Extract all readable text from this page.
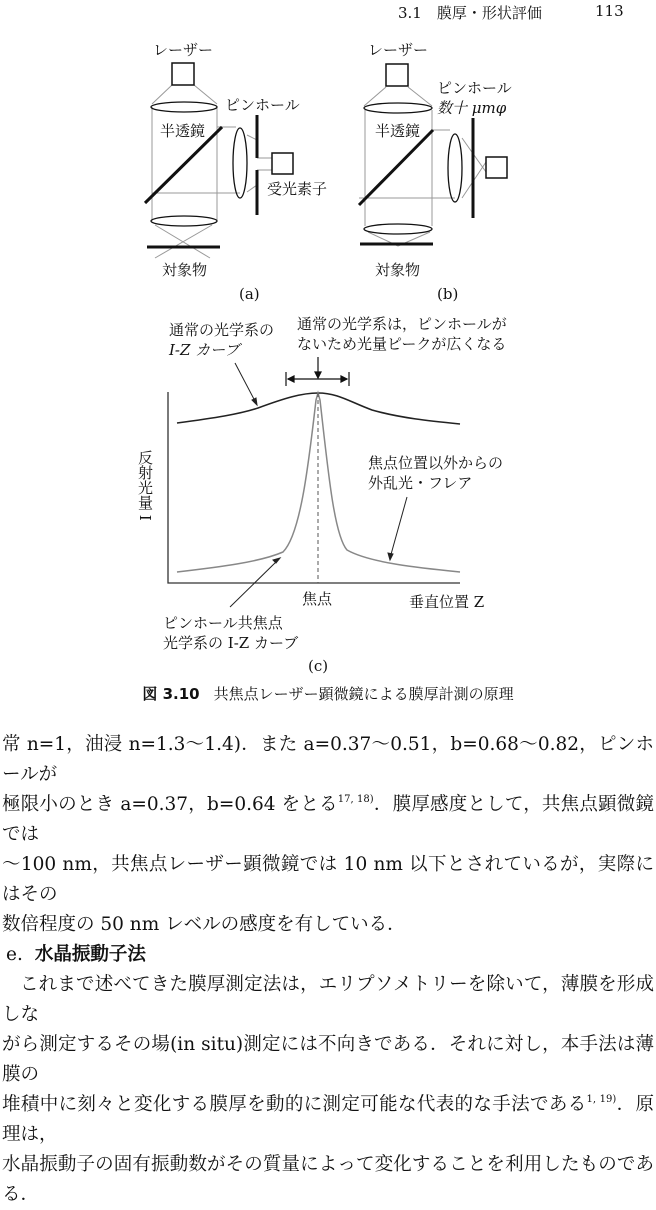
3.1　膜厚・形状評価	113
レーザー
ピンホール
半透鏡
受光素子
対象物
(a)
レーザー
ピンホール
数十 μmφ
半透鏡
対象物
(b)
通常の光学系の
I-Z カーブ
通常の光学系は，ピンホールが
ないため光量ピークが広くなる
焦点位置以外からの
外乱光・フレア
反射光量 I
焦点	垂直位置 Z
ピンホール共焦点
光学系の I-Z カーブ
(c)
図 3.10 共焦点レーザー顕微鏡による膜厚計測の原理

常 n=1，油浸 n=1.3〜1.4)．また a=0.37〜0.51，b=0.68〜0.82，ピンホールが

極限小のとき a=0.37，b=0.64 をとる$^{17, 18)}$．膜厚感度として，共焦点顕微鏡では

〜100 nm，共焦点レーザー顕微鏡では 10 nm 以下とされているが，実際にはその

数倍程度の 50 nm レベルの感度を有している．

e. 水晶振動子法

これまで述べてきた膜厚測定法は，エリプソメトリーを除いて，薄膜を形成しな

がら測定するその場(in situ)測定には不向きである．それに対し，本手法は薄膜の

堆積中に刻々と変化する膜厚を動的に測定可能な代表的な手法である$^{1, 19)}$．原理は，

水晶振動子の固有振動数がその質量によって変化することを利用したものである．
